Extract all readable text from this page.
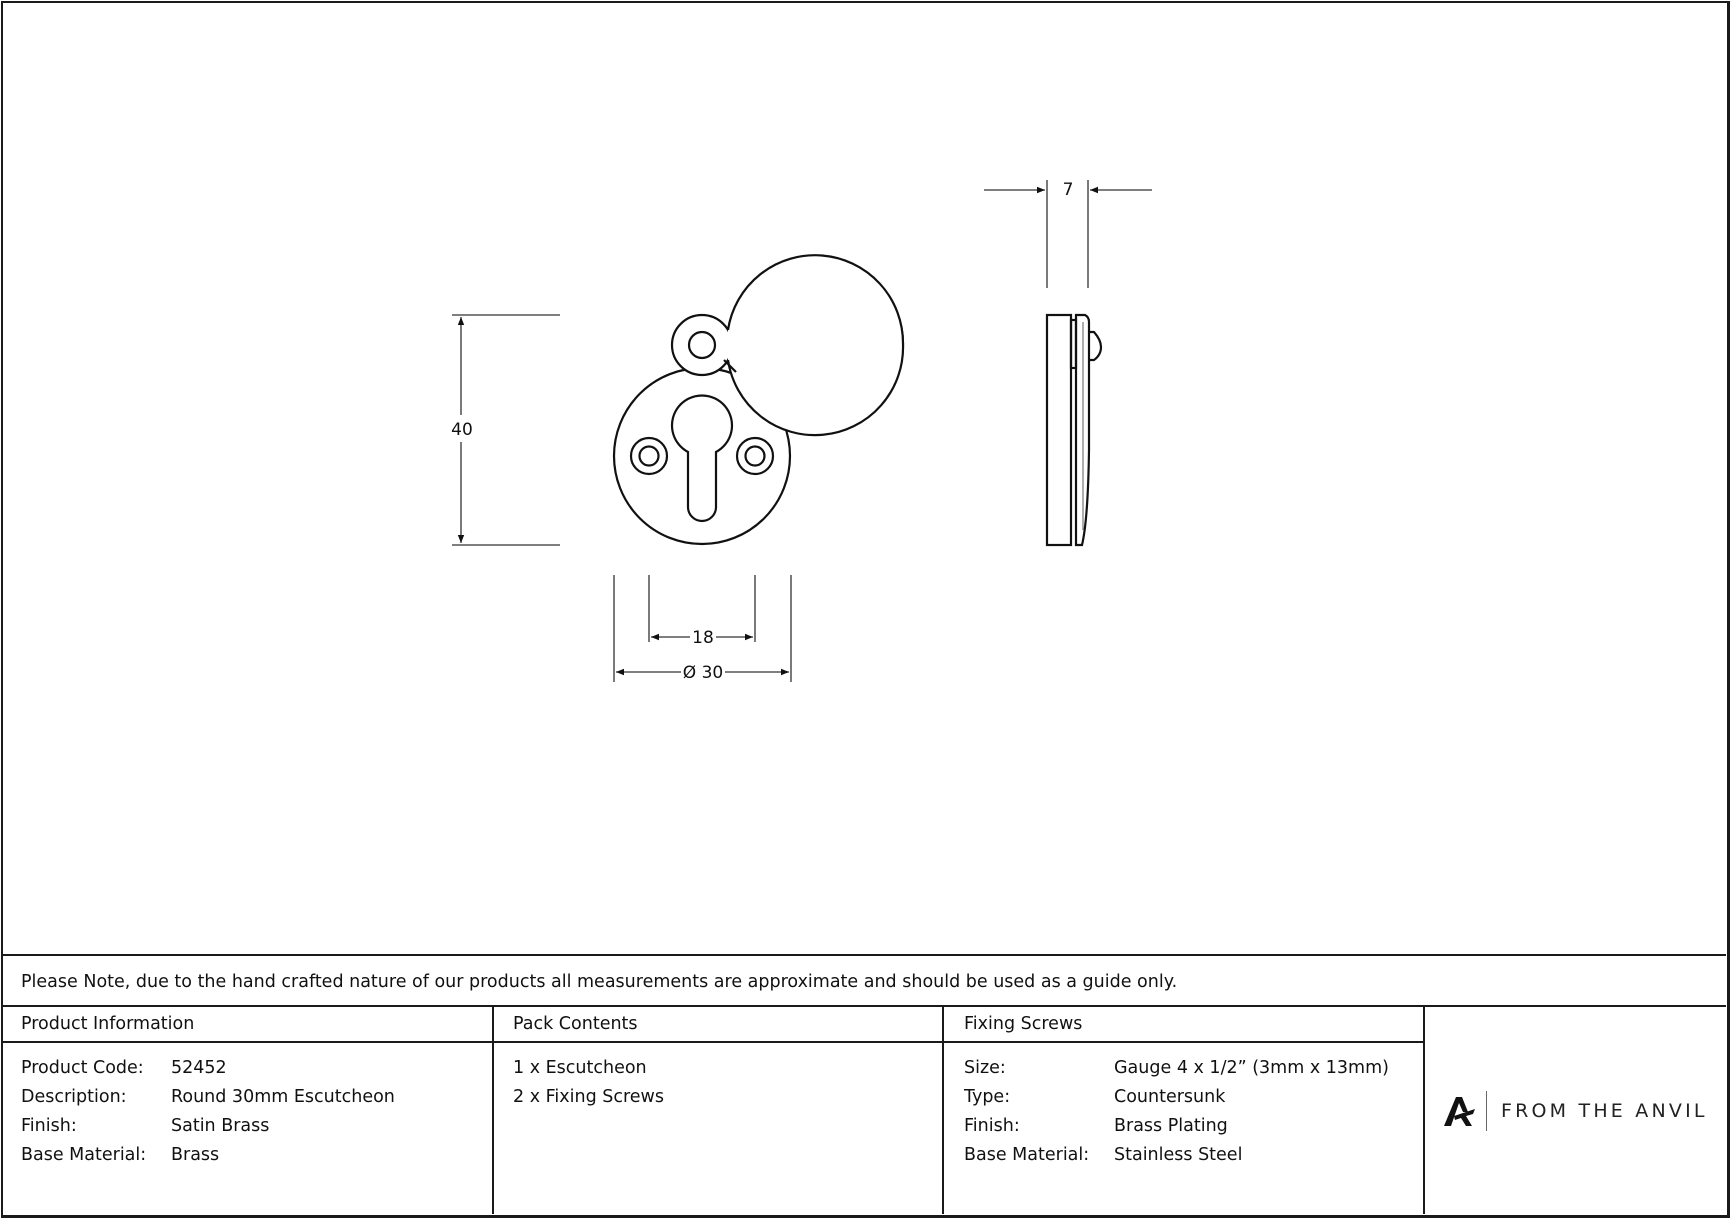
40
18
Ø 30
7
Please Note, due to the hand crafted nature of our products all measurements are approximate and should be used as a guide only.
Product Information
Product Code: 52452
Description:	Round 30mm Escutcheon
Finish:	Satin Brass
Base Material: Brass
Pack Contents
1 x Escutcheon
2 x Fixing Screws
Fixing Screws
Size:	Gauge 4 x 1/2” (3mm x 13mm)
Type:	Countersunk
Finish:	Brass Plating
Base Material: Stainless Steel
FROM THE ANVIL
